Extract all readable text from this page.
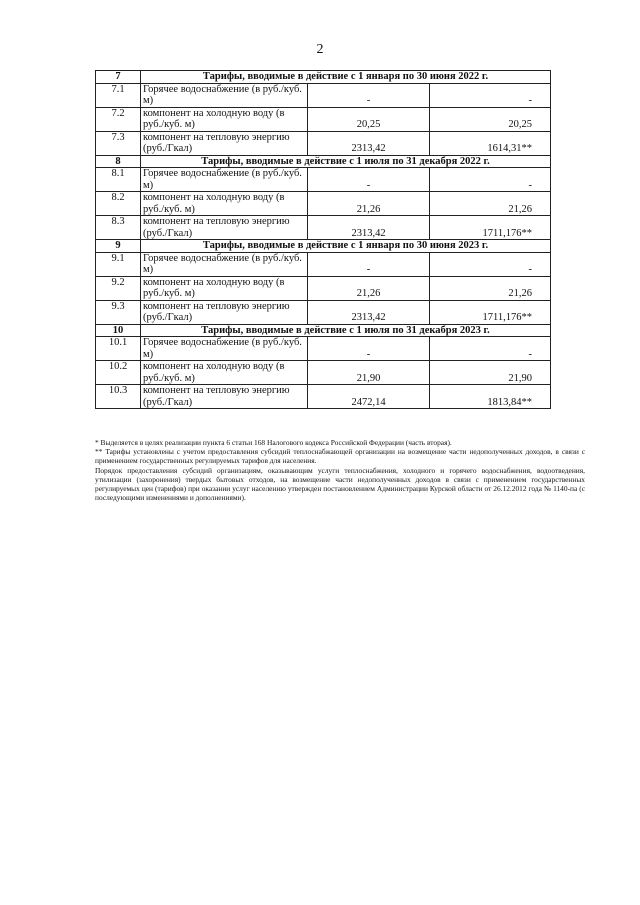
2
7	Тарифы, вводимые в действие с 1 января по 30 июня 2022 г.		
7.1	Горячее водоснабжение (в руб./куб. м)	-	-
7.2	компонент на холодную воду (в руб./куб. м)	20,25	20,25
7.3	компонент на тепловую энергию (руб./Гкал)	2313,42	1614,31**
8	Тарифы, вводимые в действие с 1 июля по 31 декабря 2022 г.		
8.1	Горячее водоснабжение (в руб./куб. м)	-	-
8.2	компонент на холодную воду (в руб./куб. м)	21,26	21,26
8.3	компонент на тепловую энергию (руб./Гкал)	2313,42	1711,176**
9	Тарифы, вводимые в действие с 1 января по 30 июня 2023 г.		
9.1	Горячее водоснабжение (в руб./куб. м)	-	-
9.2	компонент на холодную воду (в руб./куб. м)	21,26	21,26
9.3	компонент на тепловую энергию (руб./Гкал)	2313,42	1711,176**
10	Тарифы, вводимые в действие с 1 июля по 31 декабря 2023 г.		
10.1	Горячее водоснабжение (в руб./куб. м)	-	-
10.2	компонент на холодную воду (в руб./куб. м)	21,90	21,90
10.3	компонент на тепловую энергию (руб./Гкал)	2472,14	1813,84**

* Выделяется в целях реализации пункта 6 статьи 168 Налогового кодекса Российской Федерации (часть вторая).

** Тарифы установлены с учетом предоставления субсидий теплоснабжающей организации на возмещение части недополученных доходов, в связи с применением государственных регулируемых тарифов для населения.

Порядок предоставления субсидий организациям, оказывающим услуги теплоснабжения, холодного и горячего водоснабжения, водоотведения, утилизации (захоронения) твердых бытовых отходов, на возмещение части недополученных доходов в связи с применением государственных регулируемых цен (тарифов) при оказании услуг населению утвержден постановлением Администрации Курской области от 26.12.2012 года № 1140-па (с последующими изменениями и дополнениями).
